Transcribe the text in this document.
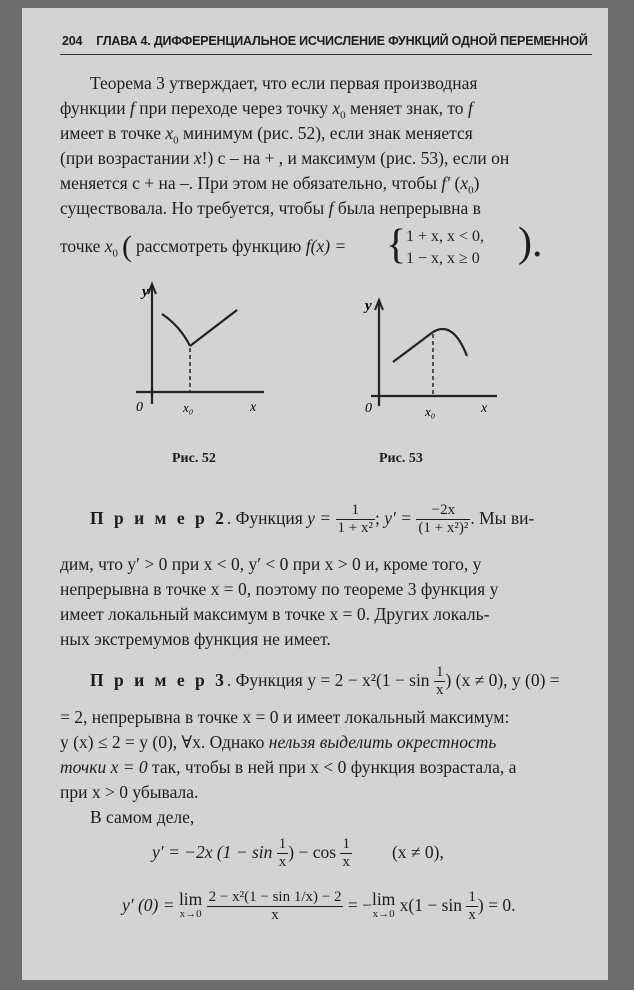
204 ГЛАВА 4. ДИФФЕРЕНЦИАЛЬНОЕ ИСЧИСЛЕНИЕ ФУНКЦИЙ ОДНОЙ ПЕРЕМЕННОЙ
Теорема 3 утверждает, что если первая производная
функции f при переходе через точку $x_0$ меняет знак, то f
имеет в точке $x_0$ минимум (рис. 52), если знак меняется
(при возрастании x!) с – на + , и максимум (рис. 53), если он
меняется с + на –. При этом не обязательно, чтобы f′ $(x_0)$
существовала. Но требуется, чтобы f была непрерывна в
точке $x_0$ ( рассмотреть функцию f(x) = { 1 + x, x < 0,
1 − x, x ≥ 0 ).
y
0	x₀	x
Рис. 52
y
0	x₀	x
Рис. 53
П р и м е р 2. Функция $y = \frac{1}{\text{1 + x²}}$ ; $y' = \frac{-2x}{\text{(1 + x²)²}}$ . Мы ви-
дим, что y′ > 0 при x < 0, y′ < 0 при x > 0 и, кроме того, y
непрерывна в точке x = 0, поэтому по теореме 3 функция y
имеет локальный максимум в точке x = 0. Других локаль-
ных экстремумов функция не имеет.
П р и м е р 3. Функция $y = 2 - x^2(1 - \sin \frac{1}{x}$ ) (x ≠ 0), y (0) =
= 2, непрерывна в точке x = 0 и имеет локальный максимум:
y (x) ≤ 2 = y (0), ∀x. Однако нельзя выделить окрестность
точки x = 0 так, чтобы в ней при x < 0 функция возрастала, а
при x > 0 убывала.
В самом деле,
y′ = −2x ($1 - \sin \frac{1}{x}$ ) − $\cos \frac{1}{x} (x \ne 0)$,
y′ (0) = lim
x→0
$\frac{\text{2 − x²(1 − sin 1/x) − 2}}{x} = -\lim$
x→0 $x(1 - \sin \frac{1}{x}$ ) = 0.
